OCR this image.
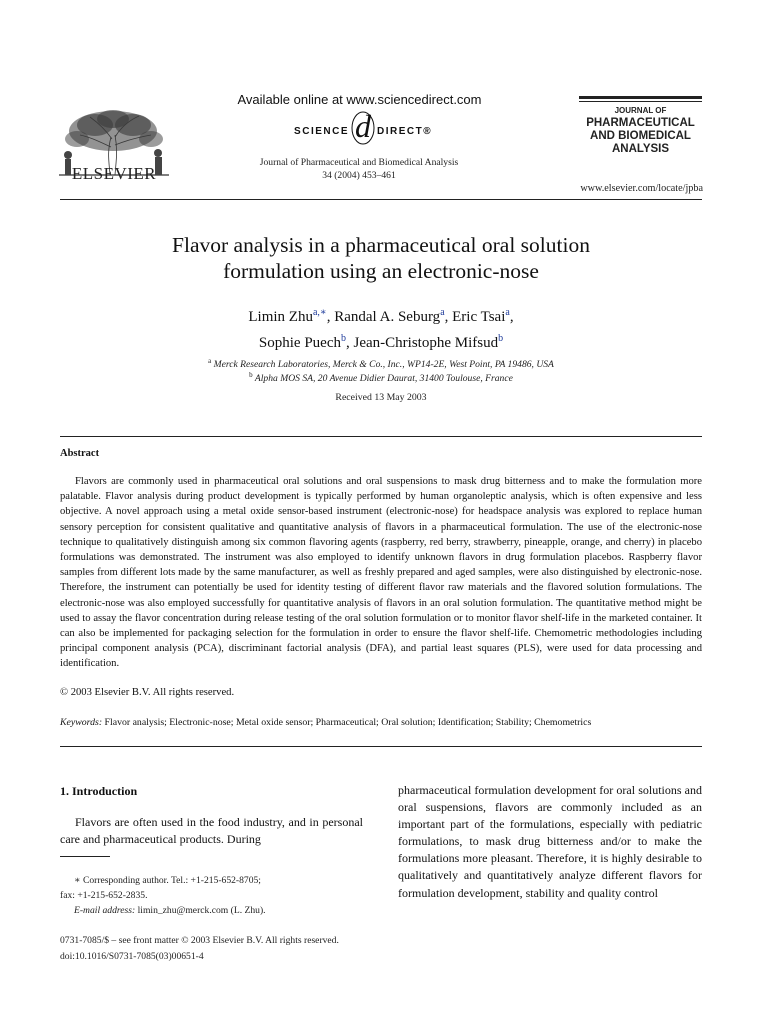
ELSEVIER
Available online at www.sciencedirect.com
SCIENCE d DIRECT®
Journal of Pharmaceutical and Biomedical Analysis
34 (2004) 453–461
JOURNAL OF
PHARMACEUTICAL
AND BIOMEDICAL
ANALYSIS
www.elsevier.com/locate/jpba
Flavor analysis in a pharmaceutical oral solution
formulation using an electronic-nose
Limin Zhu$^{a,∗}$, Randal A. Seburg$^a$, Eric Tsai$^a$,
Sophie Puech$^b$, Jean-Christophe Mifsud$^b$
$^a$ Merck Research Laboratories, Merck & Co., Inc., WP14-2E, West Point, PA 19486, USA
$^b$ Alpha MOS SA, 20 Avenue Didier Daurat, 31400 Toulouse, France
Received 13 May 2003
Abstract

Flavors are commonly used in pharmaceutical oral solutions and oral suspensions to mask drug bitterness and to make the formulation more palatable. Flavor analysis during product development is typically performed by human organoleptic analysis, which is often expensive and less objective. A novel approach using a metal oxide sensor-based instrument (electronic-nose) for headspace analysis was explored to replace human sensory perception for consistent qualitative and quantitative analysis of flavors in a pharmaceutical formulation. The use of the electronic-nose technique to qualitatively distinguish among six common flavoring agents (raspberry, red berry, strawberry, pineapple, orange, and cherry) in placebo formulations was demonstrated. The instrument was also employed to identify unknown flavors in drug formulation placebos. Raspberry flavor samples from different lots made by the same manufacturer, as well as freshly prepared and aged samples, were also distinguished by electronic-nose. Therefore, the instrument can potentially be used for identity testing of different flavor raw materials and the flavored solution formulations. The electronic-nose was also employed successfully for quantitative analysis of flavors in an oral solution formulation. The quantitative method might be used to assay the flavor concentration during release testing of the oral solution formulation or to monitor flavor shelf-life in the marketed container. It can also be implemented for packaging selection for the formulation in order to ensure the flavor shelf-life. Chemometric methodologies including principal component analysis (PCA), discriminant factorial analysis (DFA), and partial least squares (PLS), were used for data processing and identification.

© 2003 Elsevier B.V. All rights reserved.
Keywords: Flavor analysis; Electronic-nose; Metal oxide sensor; Pharmaceutical; Oral solution; Identification; Stability; Chemometrics
1. Introduction

Flavors are often used in the food industry, and in personal care and pharmaceutical products. During

∗ Corresponding author. Tel.: +1-215-652-8705;
fax: +1-215-652-2835.
E-mail address: limin_zhu@merck.com (L. Zhu).

pharmaceutical formulation development for oral solutions and oral suspensions, flavors are commonly included as an important part of the formulations, especially with pediatric formulations, to mask drug bitterness and/or to make the formulations more pleasant. Therefore, it is highly desirable to qualitatively and quantitatively analyze different flavors for formulation development, stability and quality control

0731-7085/$ – see front matter © 2003 Elsevier B.V. All rights reserved.
doi:10.1016/S0731-7085(03)00651-4
